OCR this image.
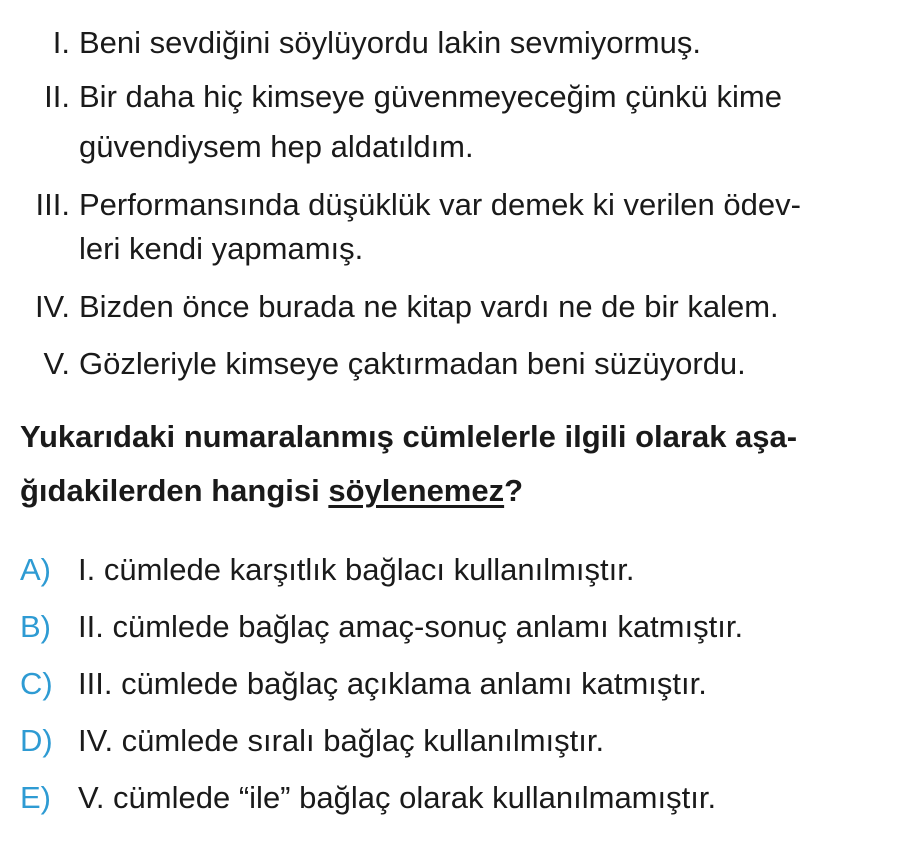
I. Beni sevdiğini söylüyordu lakin sevmiyormuş.
II. Bir daha hiç kimseye güvenmeyeceğim çünkü kime
güvendiysem hep aldatıldım.
III. Performansında düşüklük var demek ki verilen ödev-
leri kendi yapmamış.
IV. Bizden önce burada ne kitap vardı ne de bir kalem.
V. Gözleriyle kimseye çaktırmadan beni süzüyordu.
Yukarıdaki numaralanmış cümlelerle ilgili olarak aşa-
ğıdakilerden hangisi söylenemez?
A) I. cümlede karşıtlık bağlacı kullanılmıştır.
B) II. cümlede bağlaç amaç-sonuç anlamı katmıştır.
C) III. cümlede bağlaç açıklama anlamı katmıştır.
D) IV. cümlede sıralı bağlaç kullanılmıştır.
E) V. cümlede “ile” bağlaç olarak kullanılmamıştır.
